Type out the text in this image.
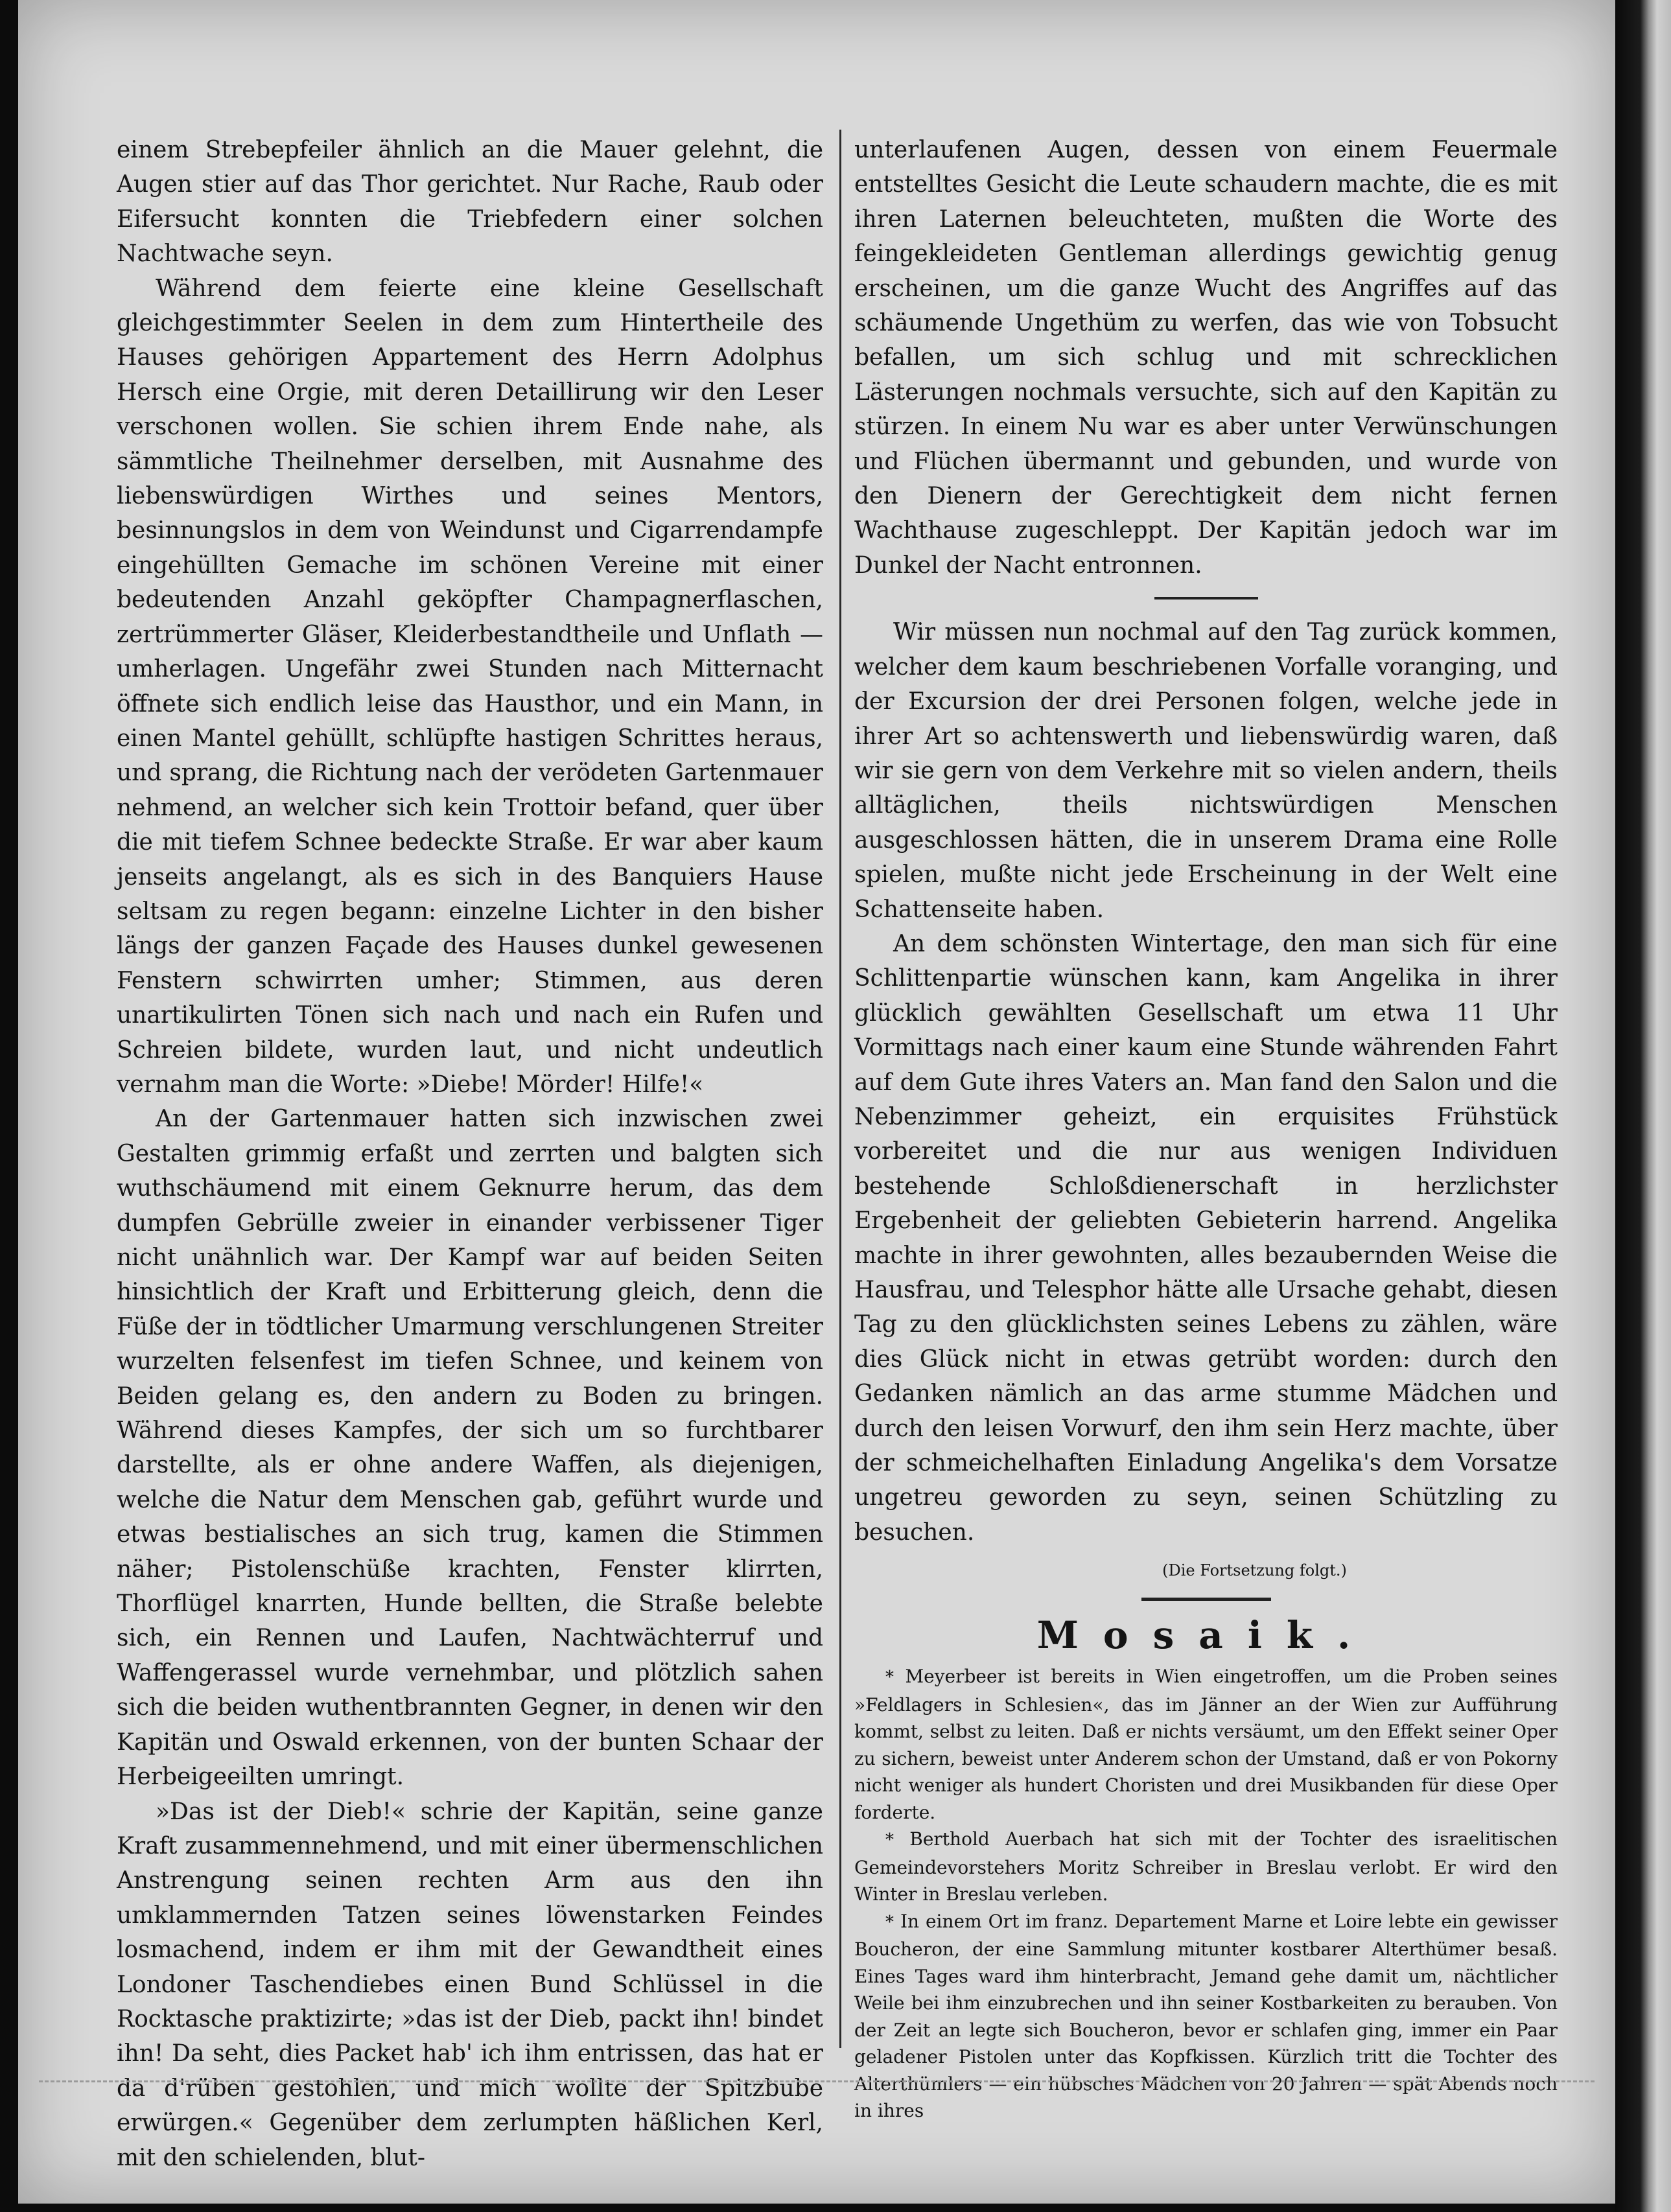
einem Strebepfeiler ähnlich an die Mauer gelehnt, die Augen stier auf das Thor gerichtet. Nur Rache, Raub oder Eifersucht konnten die Triebfedern einer solchen Nachtwache seyn.

Während dem feierte eine kleine Gesellschaft gleichgestimmter Seelen in dem zum Hintertheile des Hauses gehörigen Appartement des Herrn Adolphus Hersch eine Orgie, mit deren Detaillirung wir den Leser verschonen wollen. Sie schien ihrem Ende nahe, als sämmtliche Theilnehmer derselben, mit Ausnahme des liebenswürdigen Wirthes und seines Mentors, besinnungslos in dem von Weindunst und Cigarrendampfe eingehüllten Gemache im schönen Vereine mit einer bedeutenden Anzahl geköpfter Champagnerflaschen, zertrümmerter Gläser, Kleiderbestandtheile und Unflath — umherlagen. Ungefähr zwei Stunden nach Mitternacht öffnete sich endlich leise das Hausthor, und ein Mann, in einen Mantel gehüllt, schlüpfte hastigen Schrittes heraus, und sprang, die Richtung nach der verödeten Gartenmauer nehmend, an welcher sich kein Trottoir befand, quer über die mit tiefem Schnee bedeckte Straße. Er war aber kaum jenseits angelangt, als es sich in des Banquiers Hause seltsam zu regen begann: einzelne Lichter in den bisher längs der ganzen Façade des Hauses dunkel gewesenen Fenstern schwirrten umher; Stimmen, aus deren unartikulirten Tönen sich nach und nach ein Rufen und Schreien bildete, wurden laut, und nicht undeutlich vernahm man die Worte: »Diebe! Mörder! Hilfe!«

An der Gartenmauer hatten sich inzwischen zwei Gestalten grimmig erfaßt und zerrten und balgten sich wuthschäumend mit einem Geknurre herum, das dem dumpfen Gebrülle zweier in einander verbissener Tiger nicht unähnlich war. Der Kampf war auf beiden Seiten hinsichtlich der Kraft und Erbitterung gleich, denn die Füße der in tödtlicher Umarmung verschlungenen Streiter wurzelten felsenfest im tiefen Schnee, und keinem von Beiden gelang es, den andern zu Boden zu bringen. Während dieses Kampfes, der sich um so furchtbarer darstellte, als er ohne andere Waffen, als diejenigen, welche die Natur dem Menschen gab, geführt wurde und etwas bestialisches an sich trug, kamen die Stimmen näher; Pistolenschüße krachten, Fenster klirrten, Thorflügel knarrten, Hunde bellten, die Straße belebte sich, ein Rennen und Laufen, Nachtwächterruf und Waffengerassel wurde vernehmbar, und plötzlich sahen sich die beiden wuthentbrannten Gegner, in denen wir den Kapitän und Oswald erkennen, von der bunten Schaar der Herbeigeeilten umringt.

»Das ist der Dieb!« schrie der Kapitän, seine ganze Kraft zusammennehmend, und mit einer übermenschlichen Anstrengung seinen rechten Arm aus den ihn umklammernden Tatzen seines löwenstarken Feindes losmachend, indem er ihm mit der Gewandtheit eines Londoner Taschendiebes einen Bund Schlüssel in die Rocktasche praktizirte; »das ist der Dieb, packt ihn! bindet ihn! Da seht, dies Packet hab' ich ihm entrissen, das hat er da d'rüben gestohlen, und mich wollte der Spitzbube erwürgen.« Gegenüber dem zerlumpten häßlichen Kerl, mit den schielenden, blut-

unterlaufenen Augen, dessen von einem Feuermale entstelltes Gesicht die Leute schaudern machte, die es mit ihren Laternen beleuchteten, mußten die Worte des feingekleideten Gentleman allerdings gewichtig genug erscheinen, um die ganze Wucht des Angriffes auf das schäumende Ungethüm zu werfen, das wie von Tobsucht befallen, um sich schlug und mit schrecklichen Lästerungen nochmals versuchte, sich auf den Kapitän zu stürzen. In einem Nu war es aber unter Verwünschungen und Flüchen übermannt und gebunden, und wurde von den Dienern der Gerechtigkeit dem nicht fernen Wachthause zugeschleppt. Der Kapitän jedoch war im Dunkel der Nacht entronnen.

Wir müssen nun nochmal auf den Tag zurück kommen, welcher dem kaum beschriebenen Vorfalle voranging, und der Excursion der drei Personen folgen, welche jede in ihrer Art so achtenswerth und liebenswürdig waren, daß wir sie gern von dem Verkehre mit so vielen andern, theils alltäglichen, theils nichtswürdigen Menschen ausgeschlossen hätten, die in unserem Drama eine Rolle spielen, mußte nicht jede Erscheinung in der Welt eine Schattenseite haben.

An dem schönsten Wintertage, den man sich für eine Schlittenpartie wünschen kann, kam Angelika in ihrer glücklich gewählten Gesellschaft um etwa 11 Uhr Vormittags nach einer kaum eine Stunde währenden Fahrt auf dem Gute ihres Vaters an. Man fand den Salon und die Nebenzimmer geheizt, ein erquisites Frühstück vorbereitet und die nur aus wenigen Individuen bestehende Schloßdienerschaft in herzlichster Ergebenheit der geliebten Gebieterin harrend. Angelika machte in ihrer gewohnten, alles bezaubernden Weise die Hausfrau, und Telesphor hätte alle Ursache gehabt, diesen Tag zu den glücklichsten seines Lebens zu zählen, wäre dies Glück nicht in etwas getrübt worden: durch den Gedanken nämlich an das arme stumme Mädchen und durch den leisen Vorwurf, den ihm sein Herz machte, über der schmeichelhaften Einladung Angelika's dem Vorsatze ungetreu geworden zu seyn, seinen Schützling zu besuchen.

(Die Fortsetzung folgt.)
Mosaik.

* Meyerbeer ist bereits in Wien eingetroffen, um die Proben seines »Feldlagers in Schlesien«, das im Jänner an der Wien zur Aufführung kommt, selbst zu leiten. Daß er nichts versäumt, um den Effekt seiner Oper zu sichern, beweist unter Anderem schon der Umstand, daß er von Pokorny nicht weniger als hundert Choristen und drei Musikbanden für diese Oper forderte.

* Berthold Auerbach hat sich mit der Tochter des israelitischen Gemeindevorstehers Moritz Schreiber in Breslau verlobt. Er wird den Winter in Breslau verleben.

* In einem Ort im franz. Departement Marne et Loire lebte ein gewisser Boucheron, der eine Sammlung mitunter kostbarer Alterthümer besaß. Eines Tages ward ihm hinterbracht, Jemand gehe damit um, nächtlicher Weile bei ihm einzubrechen und ihn seiner Kostbarkeiten zu berauben. Von der Zeit an legte sich Boucheron, bevor er schlafen ging, immer ein Paar geladener Pistolen unter das Kopfkissen. Kürzlich tritt die Tochter des Alterthümlers — ein hübsches Mädchen von 20 Jahren — spät Abends noch in ihres
